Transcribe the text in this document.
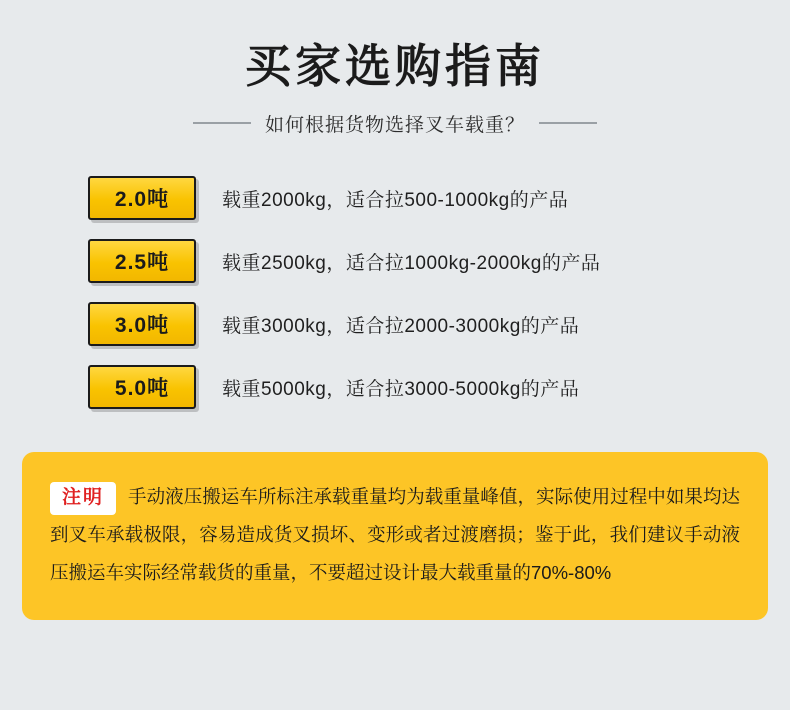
买家选购指南
如何根据货物选择叉车载重？
2.0吨	载重2000kg，适合拉500-1000kg的产品
2.5吨	载重2500kg，适合拉1000kg-2000kg的产品
3.0吨	载重3000kg，适合拉2000-3000kg的产品
5.0吨	载重5000kg，适合拉3000-5000kg的产品
注明 手动液压搬运车所标注承载重量均为载重量峰值，实际使用过程中如果均达到叉车承载极限，容易造成货叉损坏、变形或者过渡磨损；鉴于此，我们建议手动液压搬运车实际经常载货的重量，不要超过设计最大载重量的70%-80%
